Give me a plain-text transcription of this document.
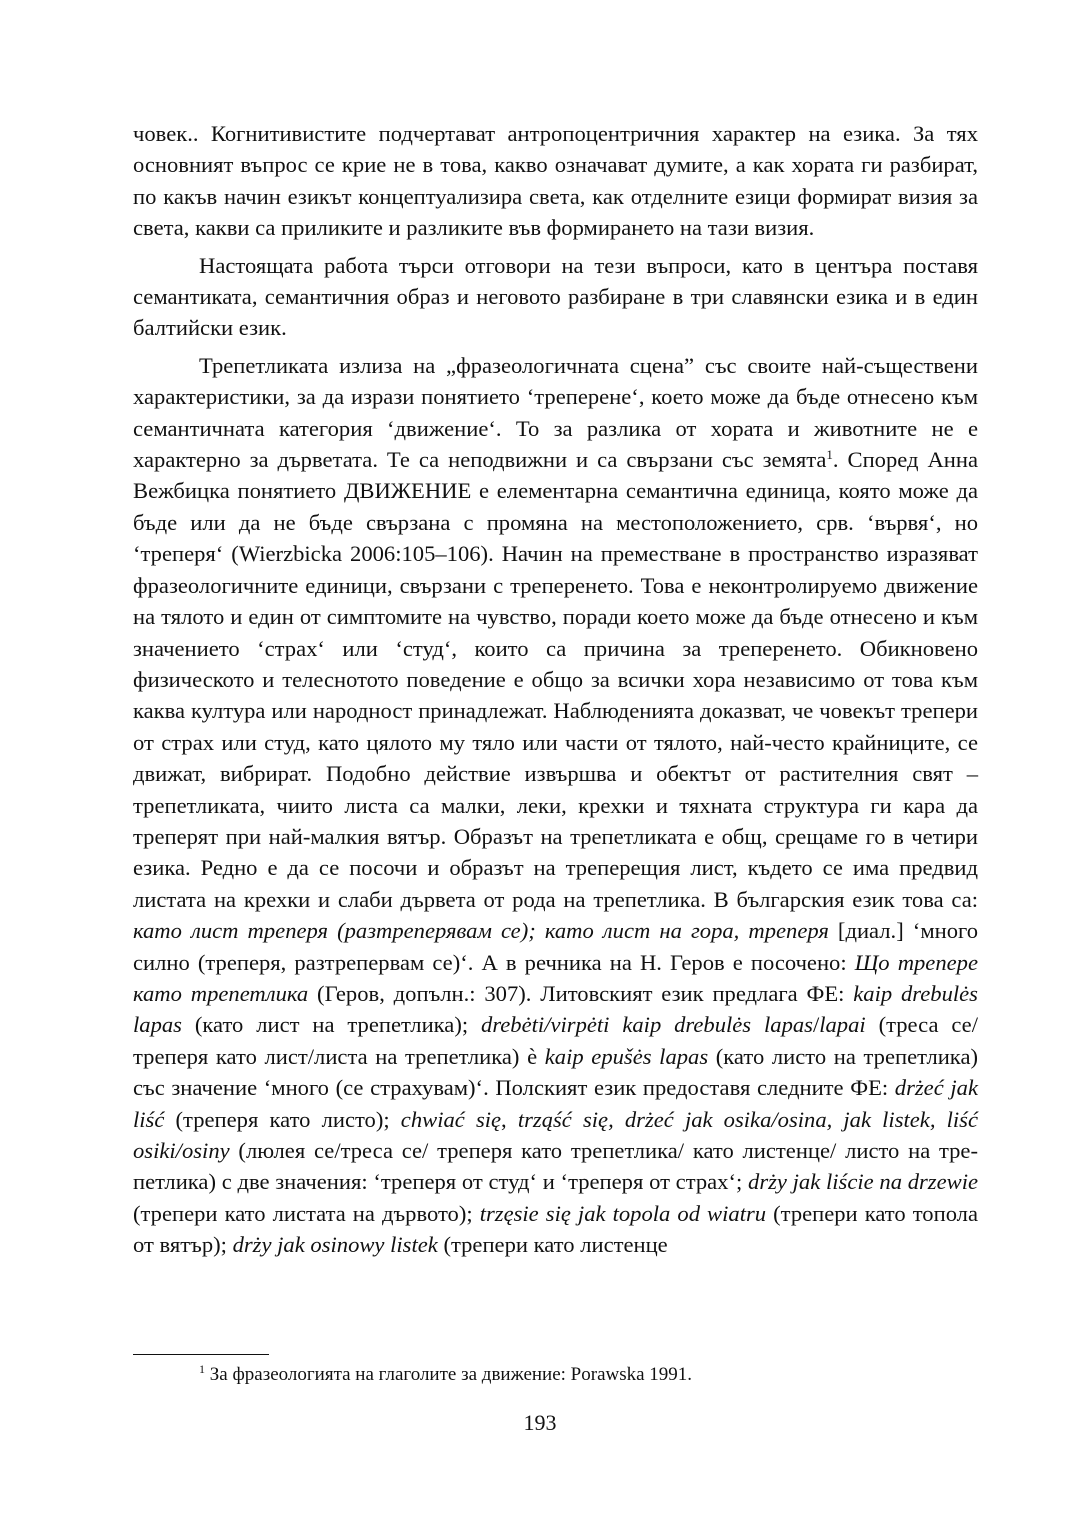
човек.. Когнитивистите подчертават антропоцентричния характер на езика. За тях основният въпрос се крие не в това, какво означават думите, а как хората ги разбират, по какъв начин езикът концептуализира света, как отделните езици формират визия за света, какви са приликите и разликите във формирането на тази визия.

Настоящата работа търси отговори на тези въпроси, като в центъра поставя семантиката, семантичния образ и неговото разбиране в три славянски езика и в един балтийски език.

Трепетликата излиза на „фразеологичната сцена” със своите най-съществени характеристики, за да изрази понятието ‘треперене‘, което може да бъде отнесено към семантичната категория ‘движение‘. То за разлика от хората и животните не е характерно за дърветата. Те са неподвижни и са свързани със земята$^1$. Според Анна Вежбицка понятието ДВИЖЕНИЕ е елементарна семантична единица, която може да бъде или да не бъде свързана с промяна на местоположението, срв. ‘вървя‘, но ‘треперя‘ (Wierzbicka 2006:105–106). Начин на преместване в пространство изразяват фразеологичните единици, свързани с треперенето. Това е неконтролируемо движение на тялото и един от симптомите на чувство, поради което може да бъде отнесено и към значението ‘страх‘ или ‘студ‘, които са причина за треперенето. Обикновено физическото и телеснотото поведение е общо за всички хора независимо от това към каква култура или народност принадлежат. Наблюденията доказват, че човекът трепери от страх или студ, като цялото му тяло или части от тялото, най-често крайниците, се движат, вибрират. Подобно действие извършва и обектът от растителния свят – трепетликата, чиито листа са малки, леки, крехки и тяхната структура ги кара да треперят при най-малкия вятър. Образът на трепетликата е общ, срещаме го в четири езика. Редно е да се посочи и образът на треперещия лист, където се има предвид листата на крехки и слаби дървета от рода на трепетлика. В българския език това са: като лист треперя (разтреперявам се); като лист на гора, треперя [диал.] ‘много силно (треперя, разтрепервам се)‘. А в речника на Н. Геров е посочено: Що трепере като трепетлика (Геров, допълн.: 307). Литовският език предлага ФЕ: kaip drebulės lapas (като лист на трепетлика); drebėti/virpėti kaip drebulės lapas/lapai (треса се/треперя като лист/листа на трепетлика) è kaip epušės lapas (като листо на трепетлика) със значение ‘много (се страхувам)‘. Полският език предоставя следните ФЕ: drżeć jak liść (треперя като листо); chwiać się, trząść się, drżeć jak osika/osina, jak listek, liść osiki/osiny (люлея се/треса се/ треперя като трепетлика/ като листенце/ листо на трепетлика) с две значения: ‘треперя от студ‘ и ‘треперя от страх‘; drży jak liście na drzewie (трепери като листата на дървото); trzęsie się jak topola od wiatru (трепери като топола от вятър); drży jak osinowy listek (трепери като листенце

$^1$ За фразеологията на глаголите за движение: Porawska 1991.
193
